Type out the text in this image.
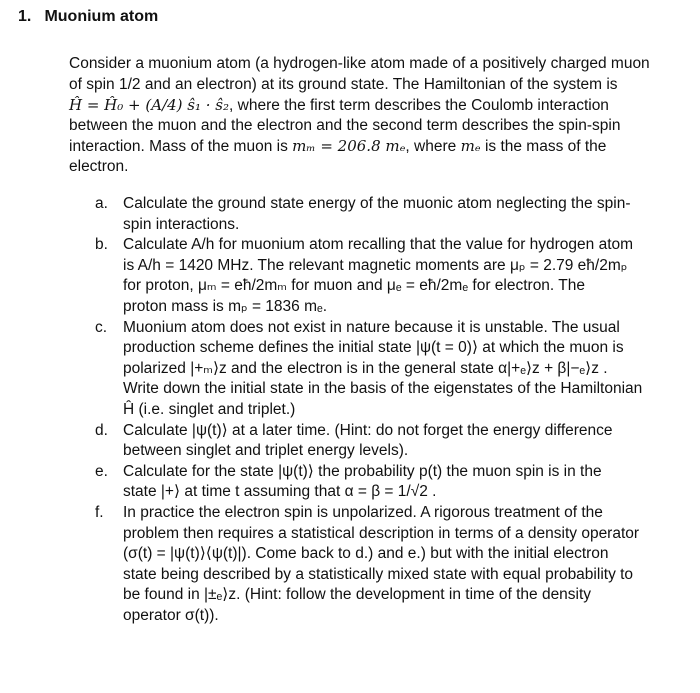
1. Muonium atom
Consider a muonium atom (a hydrogen-like atom made of a positively charged muon
of spin 1/2 and an electron) at its ground state. The Hamiltonian of the system is
Ĥ = Ĥ₀ + (A/4) ŝ₁ · ŝ₂, where the first term describes the Coulomb interaction
between the muon and the electron and the second term describes the spin-spin
interaction. Mass of the muon is mₘ = 206.8 mₑ, where mₑ is the mass of the
electron.
a. Calculate the ground state energy of the muonic atom neglecting the spin-
spin interactions.
b. Calculate A/h for muonium atom recalling that the value for hydrogen atom
is A/h = 1420 MHz. The relevant magnetic moments are μₚ = 2.79 eħ/2mₚ
for proton, μₘ = eħ/2mₘ for muon and μₑ = eħ/2mₑ for electron. The
proton mass is mₚ = 1836 mₑ.
c.	Muonium atom does not exist in nature because it is unstable. The usual
production scheme defines the initial state |ψ(t = 0)⟩ at which the muon is
polarized |+ₘ⟩z and the electron is in the general state α|+ₑ⟩z + β|−ₑ⟩z .
Write down the initial state in the basis of the eigenstates of the Hamiltonian
Ĥ (i.e. singlet and triplet.)
d. Calculate |ψ(t)⟩ at a later time. (Hint: do not forget the energy difference
between singlet and triplet energy levels).
e. Calculate for the state |ψ(t)⟩ the probability p(t) the muon spin is in the
state |+⟩ at time t assuming that α = β = 1/√2 .
f.	In practice the electron spin is unpolarized. A rigorous treatment of the
problem then requires a statistical description in terms of a density operator
(σ(t) = |ψ(t)⟩⟨ψ(t)|). Come back to d.) and e.) but with the initial electron
state being described by a statistically mixed state with equal probability to
be found in |±ₑ⟩z. (Hint: follow the development in time of the density
operator σ(t)).
